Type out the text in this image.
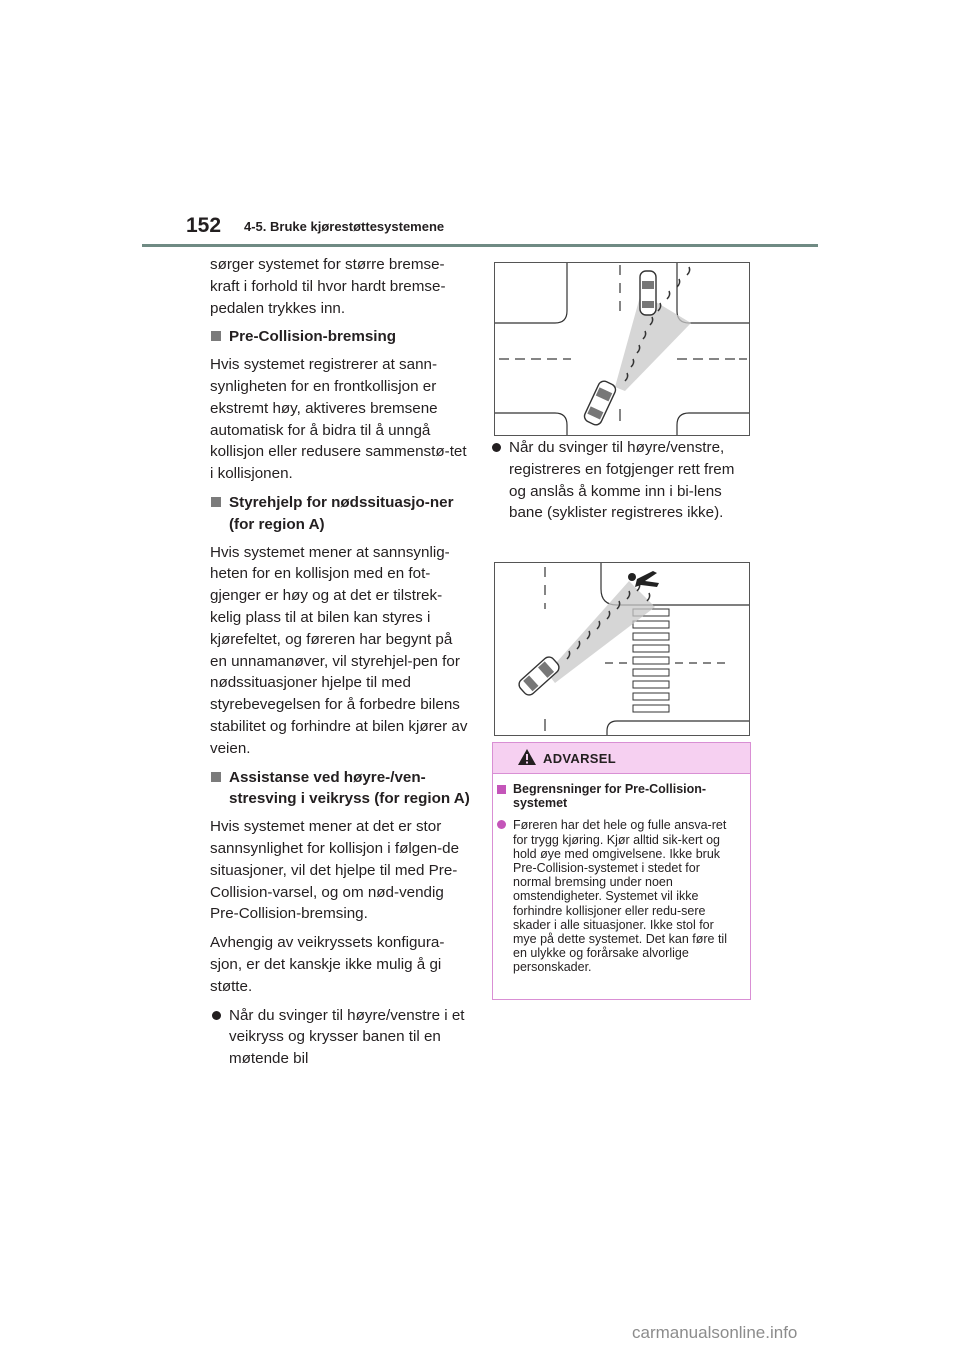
152 4-5. Bruke kjørestøttesystemene

sørger systemet for større bremse-kraft i forhold til hvor hardt bremse-pedalen trykkes inn.

Pre-Collision-bremsing

Hvis systemet registrerer at sann-synligheten for en frontkollisjon er ekstremt høy, aktiveres bremsene automatisk for å bidra til å unngå kollisjon eller redusere sammenstø-tet i kollisjonen.

Styrehjelp for nødssituasjo-ner (for region A)

Hvis systemet mener at sannsynlig-heten for en kollisjon med en fot-gjenger er høy og at det er tilstrek-kelig plass til at bilen kan styres i kjørefeltet, og føreren har begynt på en unnamanøver, vil styrehjel-pen for nødssituasjoner hjelpe til med styrebevegelsen for å forbedre bilens stabilitet og forhindre at bilen kjører av veien.

Assistanse ved høyre-/ven-stresving i veikryss (for region A)

Hvis systemet mener at det er stor sannsynlighet for kollisjon i følgen-de situasjoner, vil det hjelpe til med Pre-Collision-varsel, og om nød-vendig Pre-Collision-bremsing.

Avhengig av veikryssets konfigura-sjon, er det kanskje ikke mulig å gi støtte.

Når du svinger til høyre/venstre i et veikryss og krysser banen til en møtende bil

Når du svinger til høyre/venstre, registreres en fotgjenger rett frem og anslås å komme inn i bi-lens bane (syklister registreres ikke).

ADVARSEL

Begrensninger for Pre-Collision-systemet

Føreren har det hele og fulle ansva-ret for trygg kjøring. Kjør alltid sik-kert og hold øye med omgivelsene. Ikke bruk Pre-Collision-systemet i stedet for normal bremsing under noen omstendigheter. Systemet vil ikke forhindre kollisjoner eller redu-sere skader i alle situasjoner. Ikke stol for mye på dette systemet. Det kan føre til en ulykke og forårsake alvorlige personskader.

carmanualsonline.info
